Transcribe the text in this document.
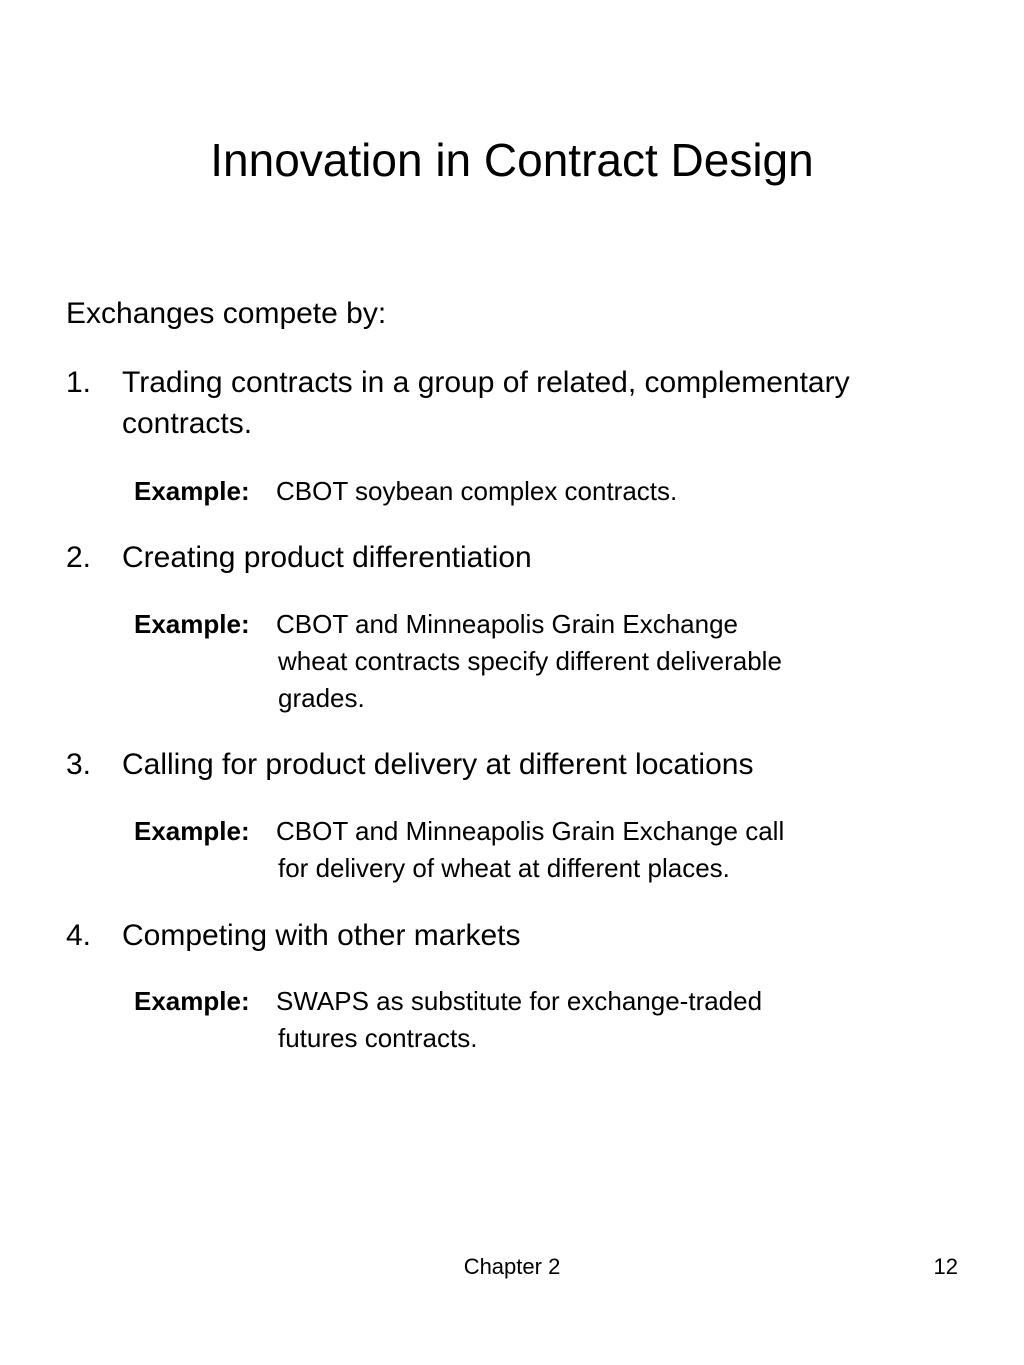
Innovation in Contract Design
Exchanges compete by:
1. Trading contracts in a group of related, complementary
contracts.
Example: CBOT soybean complex contracts.
2. Creating product differentiation
Example: CBOT and Minneapolis Grain Exchange
wheat contracts specify different deliverable
grades.
3. Calling for product delivery at different locations
Example: CBOT and Minneapolis Grain Exchange call
for delivery of wheat at different places.
4. Competing with other markets
Example: SWAPS as substitute for exchange-traded
futures contracts.
Chapter 2	12
